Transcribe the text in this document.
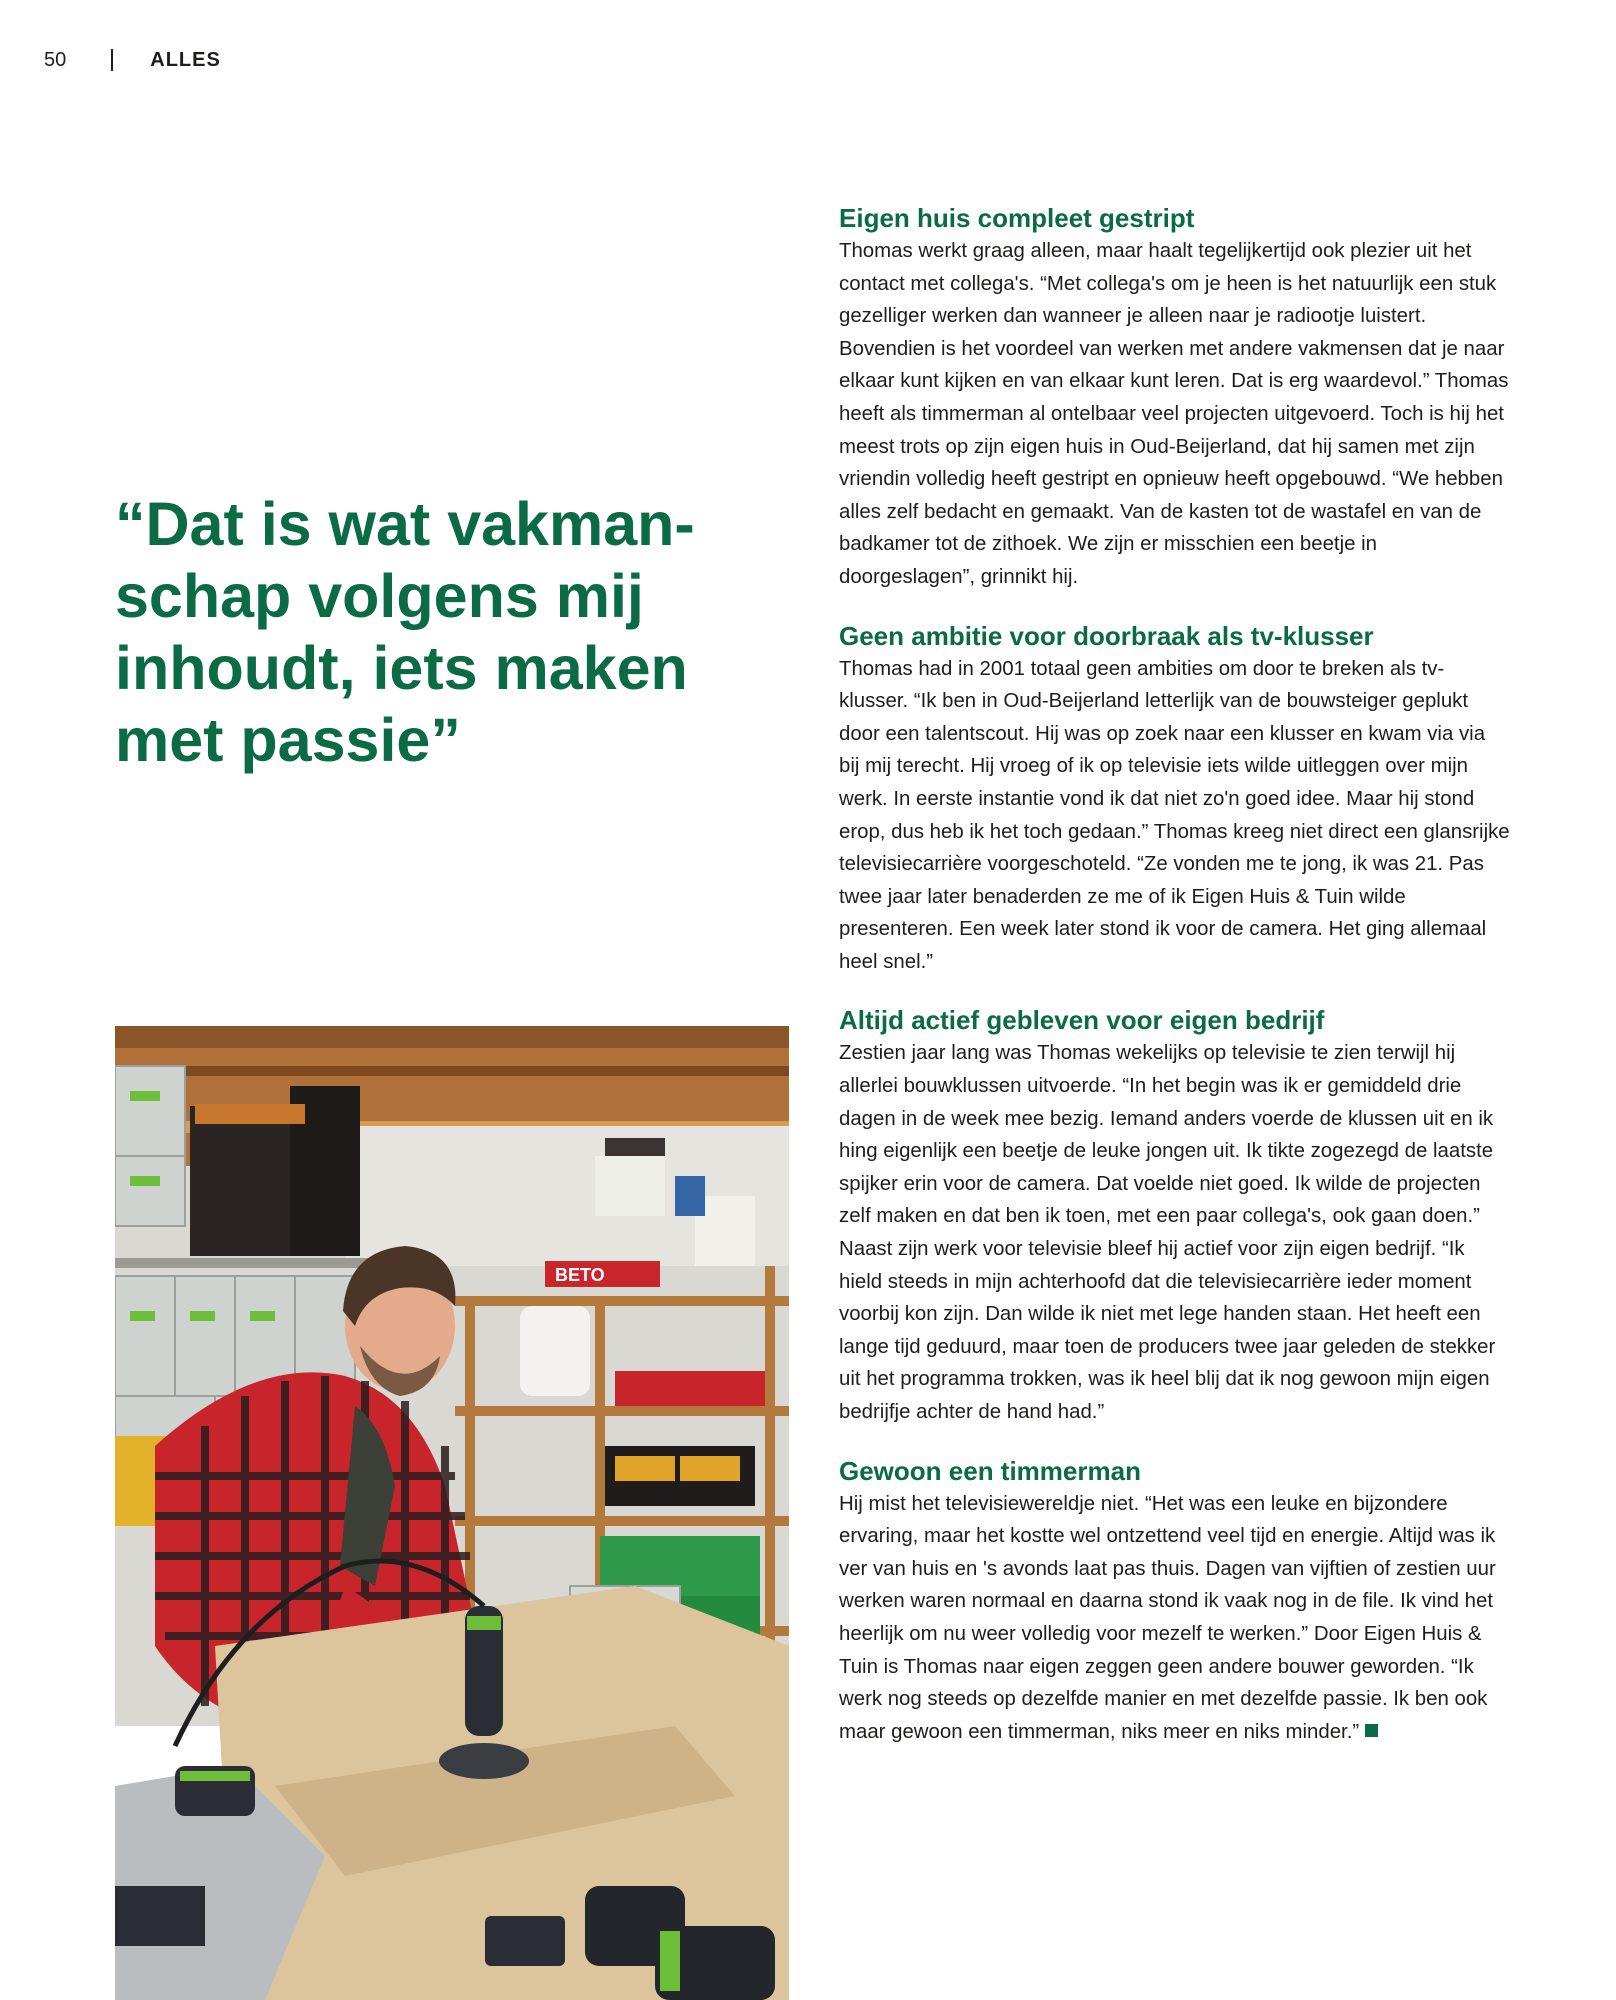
50	ALLES
“Dat is wat vakman-schap volgens mij inhoudt, iets maken met passie”
BETO
Eigen huis compleet gestript

Thomas werkt graag alleen, maar haalt tegelijkertijd ook plezier uit het contact met collega's. “Met collega's om je heen is het natuurlijk een stuk gezelliger werken dan wanneer je alleen naar je radiootje luistert. Bovendien is het voordeel van werken met andere vakmensen dat je naar elkaar kunt kijken en van elkaar kunt leren. Dat is erg waardevol.” Thomas heeft als timmerman al ontelbaar veel projecten uitgevoerd. Toch is hij het meest trots op zijn eigen huis in Oud-Beijerland, dat hij samen met zijn vriendin volledig heeft gestript en opnieuw heeft opgebouwd. “We hebben alles zelf bedacht en gemaakt. Van de kasten tot de wastafel en van de badkamer tot de zithoek. We zijn er misschien een beetje in doorgeslagen”, grinnikt hij.

Geen ambitie voor doorbraak als tv-klusser

Thomas had in 2001 totaal geen ambities om door te breken als tv-klusser. “Ik ben in Oud-Beijerland letterlijk van de bouwsteiger geplukt door een talentscout. Hij was op zoek naar een klusser en kwam via via bij mij terecht. Hij vroeg of ik op televisie iets wilde uitleggen over mijn werk. In eerste instantie vond ik dat niet zo'n goed idee. Maar hij stond erop, dus heb ik het toch gedaan.” Thomas kreeg niet direct een glansrijke televisiecarrière voorgeschoteld. “Ze vonden me te jong, ik was 21. Pas twee jaar later benaderden ze me of ik Eigen Huis & Tuin wilde presenteren. Een week later stond ik voor de camera. Het ging allemaal heel snel.”

Altijd actief gebleven voor eigen bedrijf

Zestien jaar lang was Thomas wekelijks op televisie te zien terwijl hij allerlei bouwklussen uitvoerde. “In het begin was ik er gemiddeld drie dagen in de week mee bezig. Iemand anders voerde de klussen uit en ik hing eigenlijk een beetje de leuke jongen uit. Ik tikte zogezegd de laatste spijker erin voor de camera. Dat voelde niet goed. Ik wilde de projecten zelf maken en dat ben ik toen, met een paar collega's, ook gaan doen.” Naast zijn werk voor televisie bleef hij actief voor zijn eigen bedrijf. “Ik hield steeds in mijn achterhoofd dat die televisiecarrière ieder moment voorbij kon zijn. Dan wilde ik niet met lege handen staan. Het heeft een lange tijd geduurd, maar toen de producers twee jaar geleden de stekker uit het programma trokken, was ik heel blij dat ik nog gewoon mijn eigen bedrijfje achter de hand had.”

Gewoon een timmerman

Hij mist het televisiewereldje niet. “Het was een leuke en bijzondere ervaring, maar het kostte wel ontzettend veel tijd en energie. Altijd was ik ver van huis en 's avonds laat pas thuis. Dagen van vijftien of zestien uur werken waren normaal en daarna stond ik vaak nog in de file. Ik vind het heerlijk om nu weer volledig voor mezelf te werken.” Door Eigen Huis & Tuin is Thomas naar eigen zeggen geen andere bouwer geworden. “Ik werk nog steeds op dezelfde manier en met dezelfde passie. Ik ben ook maar gewoon een timmerman, niks meer en niks minder.”
